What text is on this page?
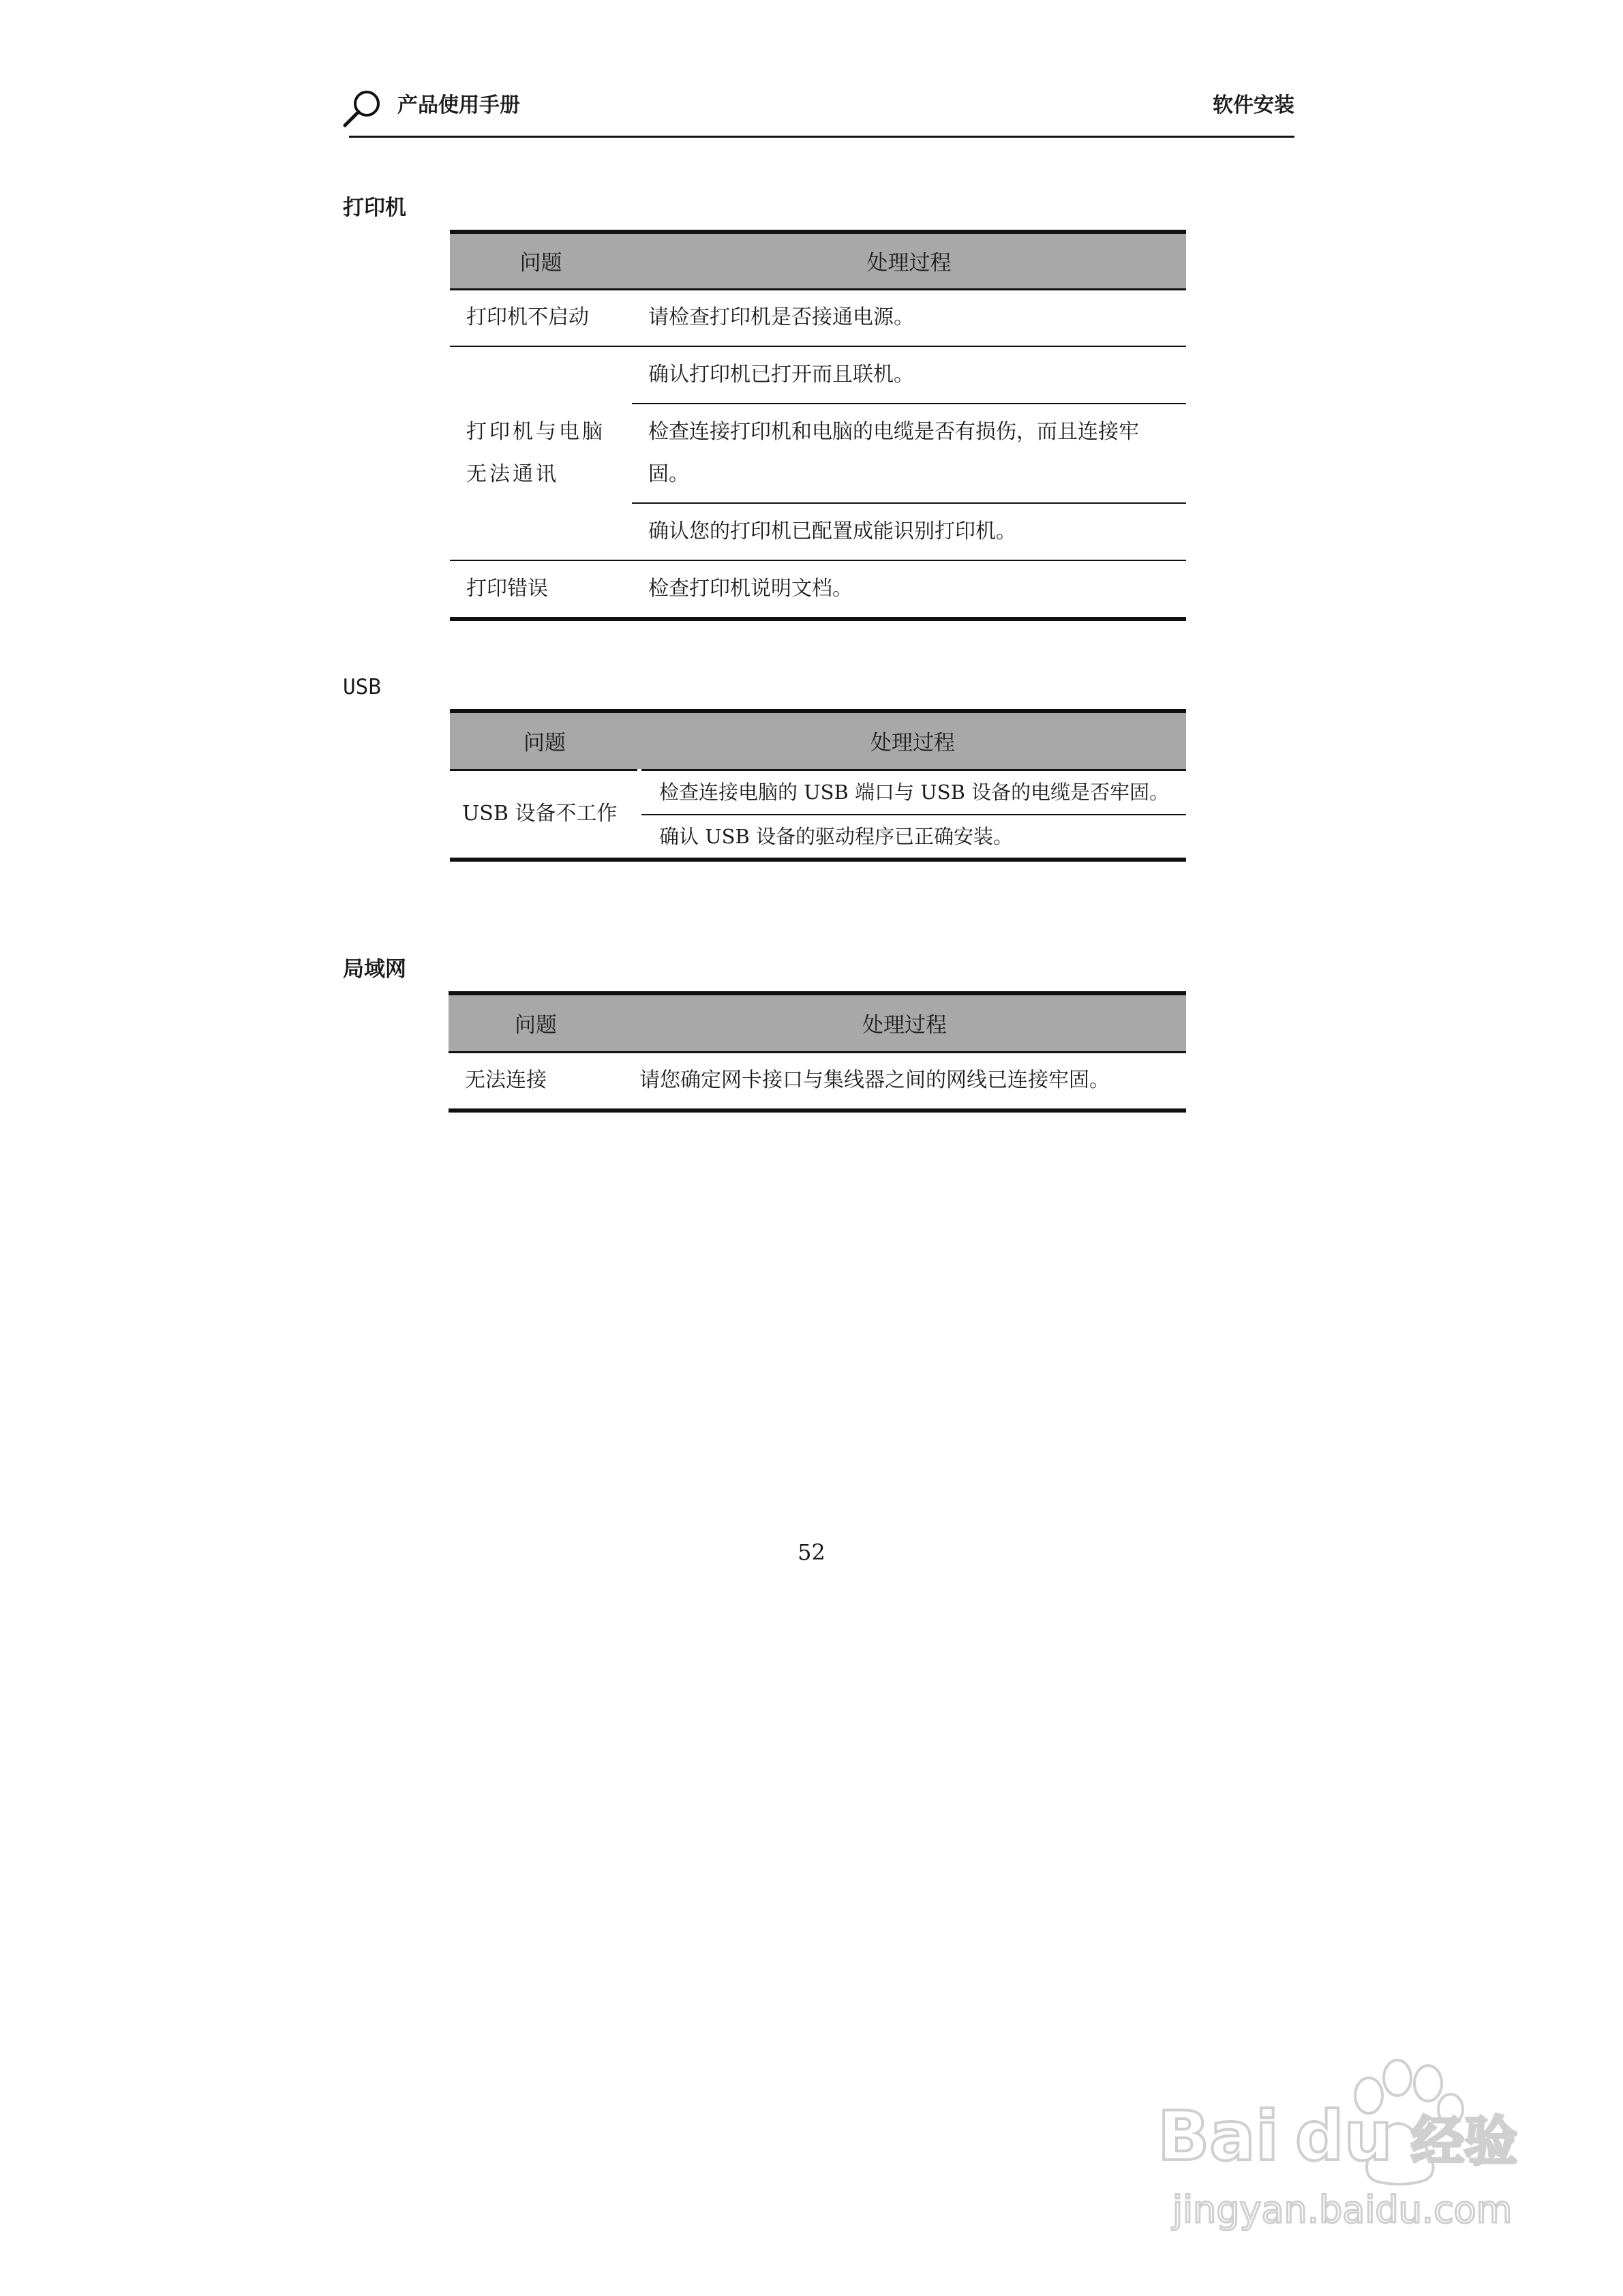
产品使用手册	软件安装
打印机
问题	处理过程
打印机不启动	请检查打印机是否接通电源。
打印机与电脑无法通讯	确认打印机已打开而且联机。
	检查连接打印机和电脑的电缆是否有损伤，而且连接牢固。
	确认您的打印机已配置成能识别打印机。
打印错误	检查打印机说明文档。
USB
问题	处理过程
USB 设备不工作	检查连接电脑的 USB 端口与 USB 设备的电缆是否牢固。
	确认 USB 设备的驱动程序已正确安装。
局域网
问题	处理过程
无法连接	请您确定网卡接口与集线器之间的网线已连接牢固。
52
Bai du 经验
jingyan.baidu.com
